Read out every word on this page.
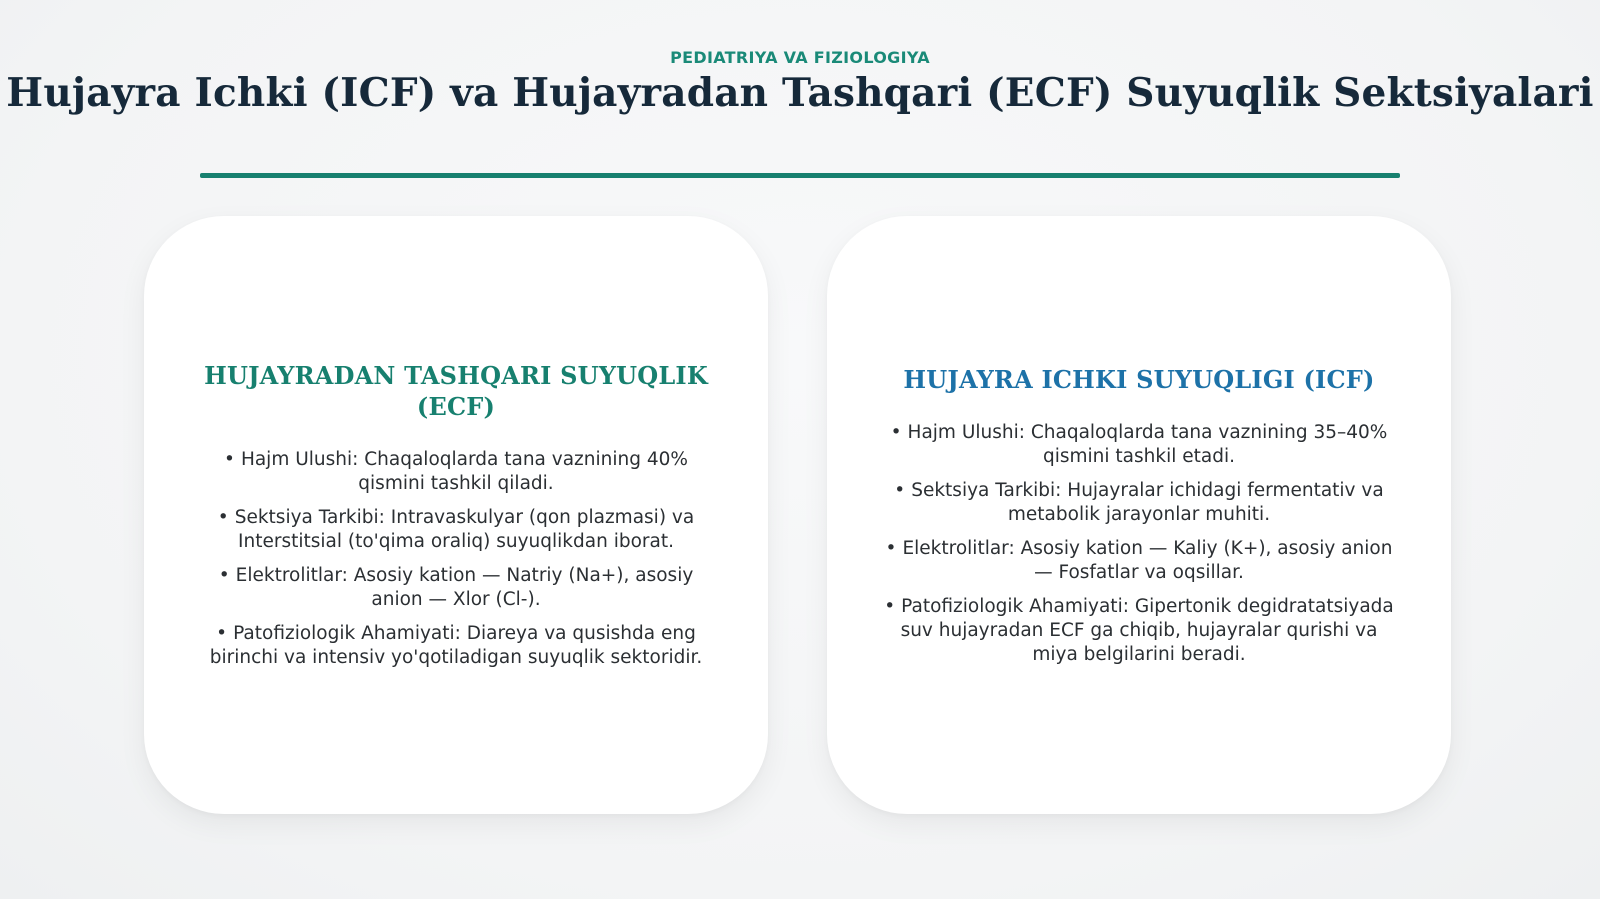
PEDIATRIYA VA FIZIOLOGIYA
Hujayra Ichki (ICF) va Hujayradan Tashqari (ECF) Suyuqlik Sektsiyalari
HUJAYRADAN TASHQARI SUYUQLIK (ECF)
• Hajm Ulushi: Chaqaloqlarda tana vaznining 40% qismini tashkil qiladi.
• Sektsiya Tarkibi: Intravaskulyar (qon plazmasi) va Interstitsial (to'qima oraliq) suyuqlikdan iborat.
• Elektrolitlar: Asosiy kation — Natriy (Na+), asosiy anion — Xlor (Cl-).
• Patofiziologik Ahamiyati: Diareya va qusishda eng birinchi va intensiv yo'qotiladigan suyuqlik sektoridir.
HUJAYRA ICHKI SUYUQLIGI (ICF)
• Hajm Ulushi: Chaqaloqlarda tana vaznining 35–40% qismini tashkil etadi.
• Sektsiya Tarkibi: Hujayralar ichidagi fermentativ va metabolik jarayonlar muhiti.
• Elektrolitlar: Asosiy kation — Kaliy (K+), asosiy anion — Fosfatlar va oqsillar.
• Patofiziologik Ahamiyati: Gipertonik degidratatsiyada suv hujayradan ECF ga chiqib, hujayralar qurishi va miya belgilarini beradi.
